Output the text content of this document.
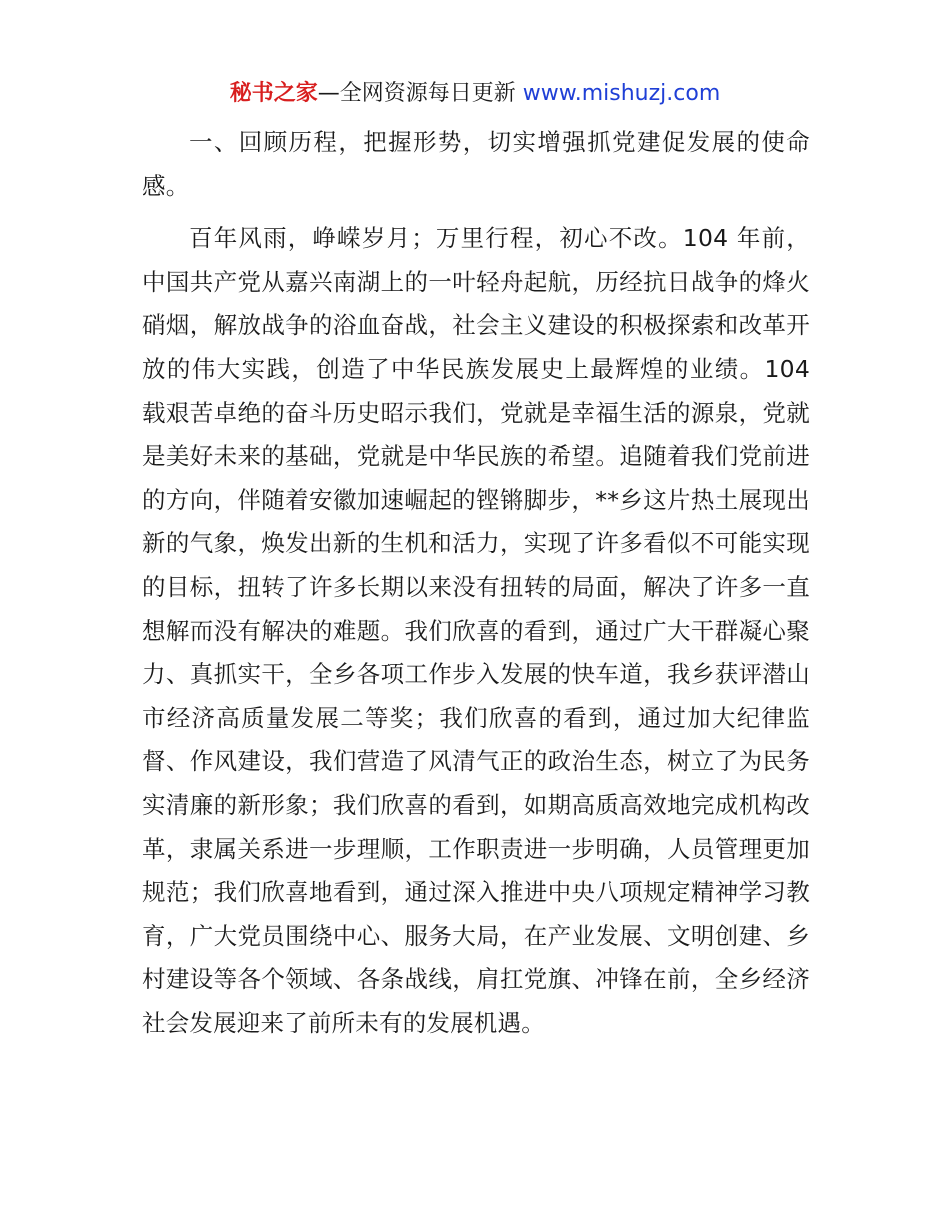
秘书之家—全网资源每日更新 www.mishuzj.com

一、回顾历程，把握形势，切实增强抓党建促发展的使命感。

百年风雨，峥嵘岁月；万里行程，初心不改。104 年前，中国共产党从嘉兴南湖上的一叶轻舟起航，历经抗日战争的烽火硝烟，解放战争的浴血奋战，社会主义建设的积极探索和改革开放的伟大实践，创造了中华民族发展史上最辉煌的业绩。104 载艰苦卓绝的奋斗历史昭示我们，党就是幸福生活的源泉，党就是美好未来的基础，党就是中华民族的希望。追随着我们党前进的方向，伴随着安徽加速崛起的铿锵脚步，**乡这片热土展现出新的气象，焕发出新的生机和活力，实现了许多看似不可能实现的目标，扭转了许多长期以来没有扭转的局面，解决了许多一直想解而没有解决的难题。我们欣喜的看到，通过广大干群凝心聚力、真抓实干，全乡各项工作步入发展的快车道，我乡获评潜山市经济高质量发展二等奖；我们欣喜的看到，通过加大纪律监督、作风建设，我们营造了风清气正的政治生态，树立了为民务实清廉的新形象；我们欣喜的看到，如期高质高效地完成机构改革，隶属关系进一步理顺，工作职责进一步明确，人员管理更加规范；我们欣喜地看到，通过深入推进中央八项规定精神学习教育，广大党员围绕中心、服务大局，在产业发展、文明创建、乡村建设等各个领域、各条战线，肩扛党旗、冲锋在前，全乡经济社会发展迎来了前所未有的发展机遇。
